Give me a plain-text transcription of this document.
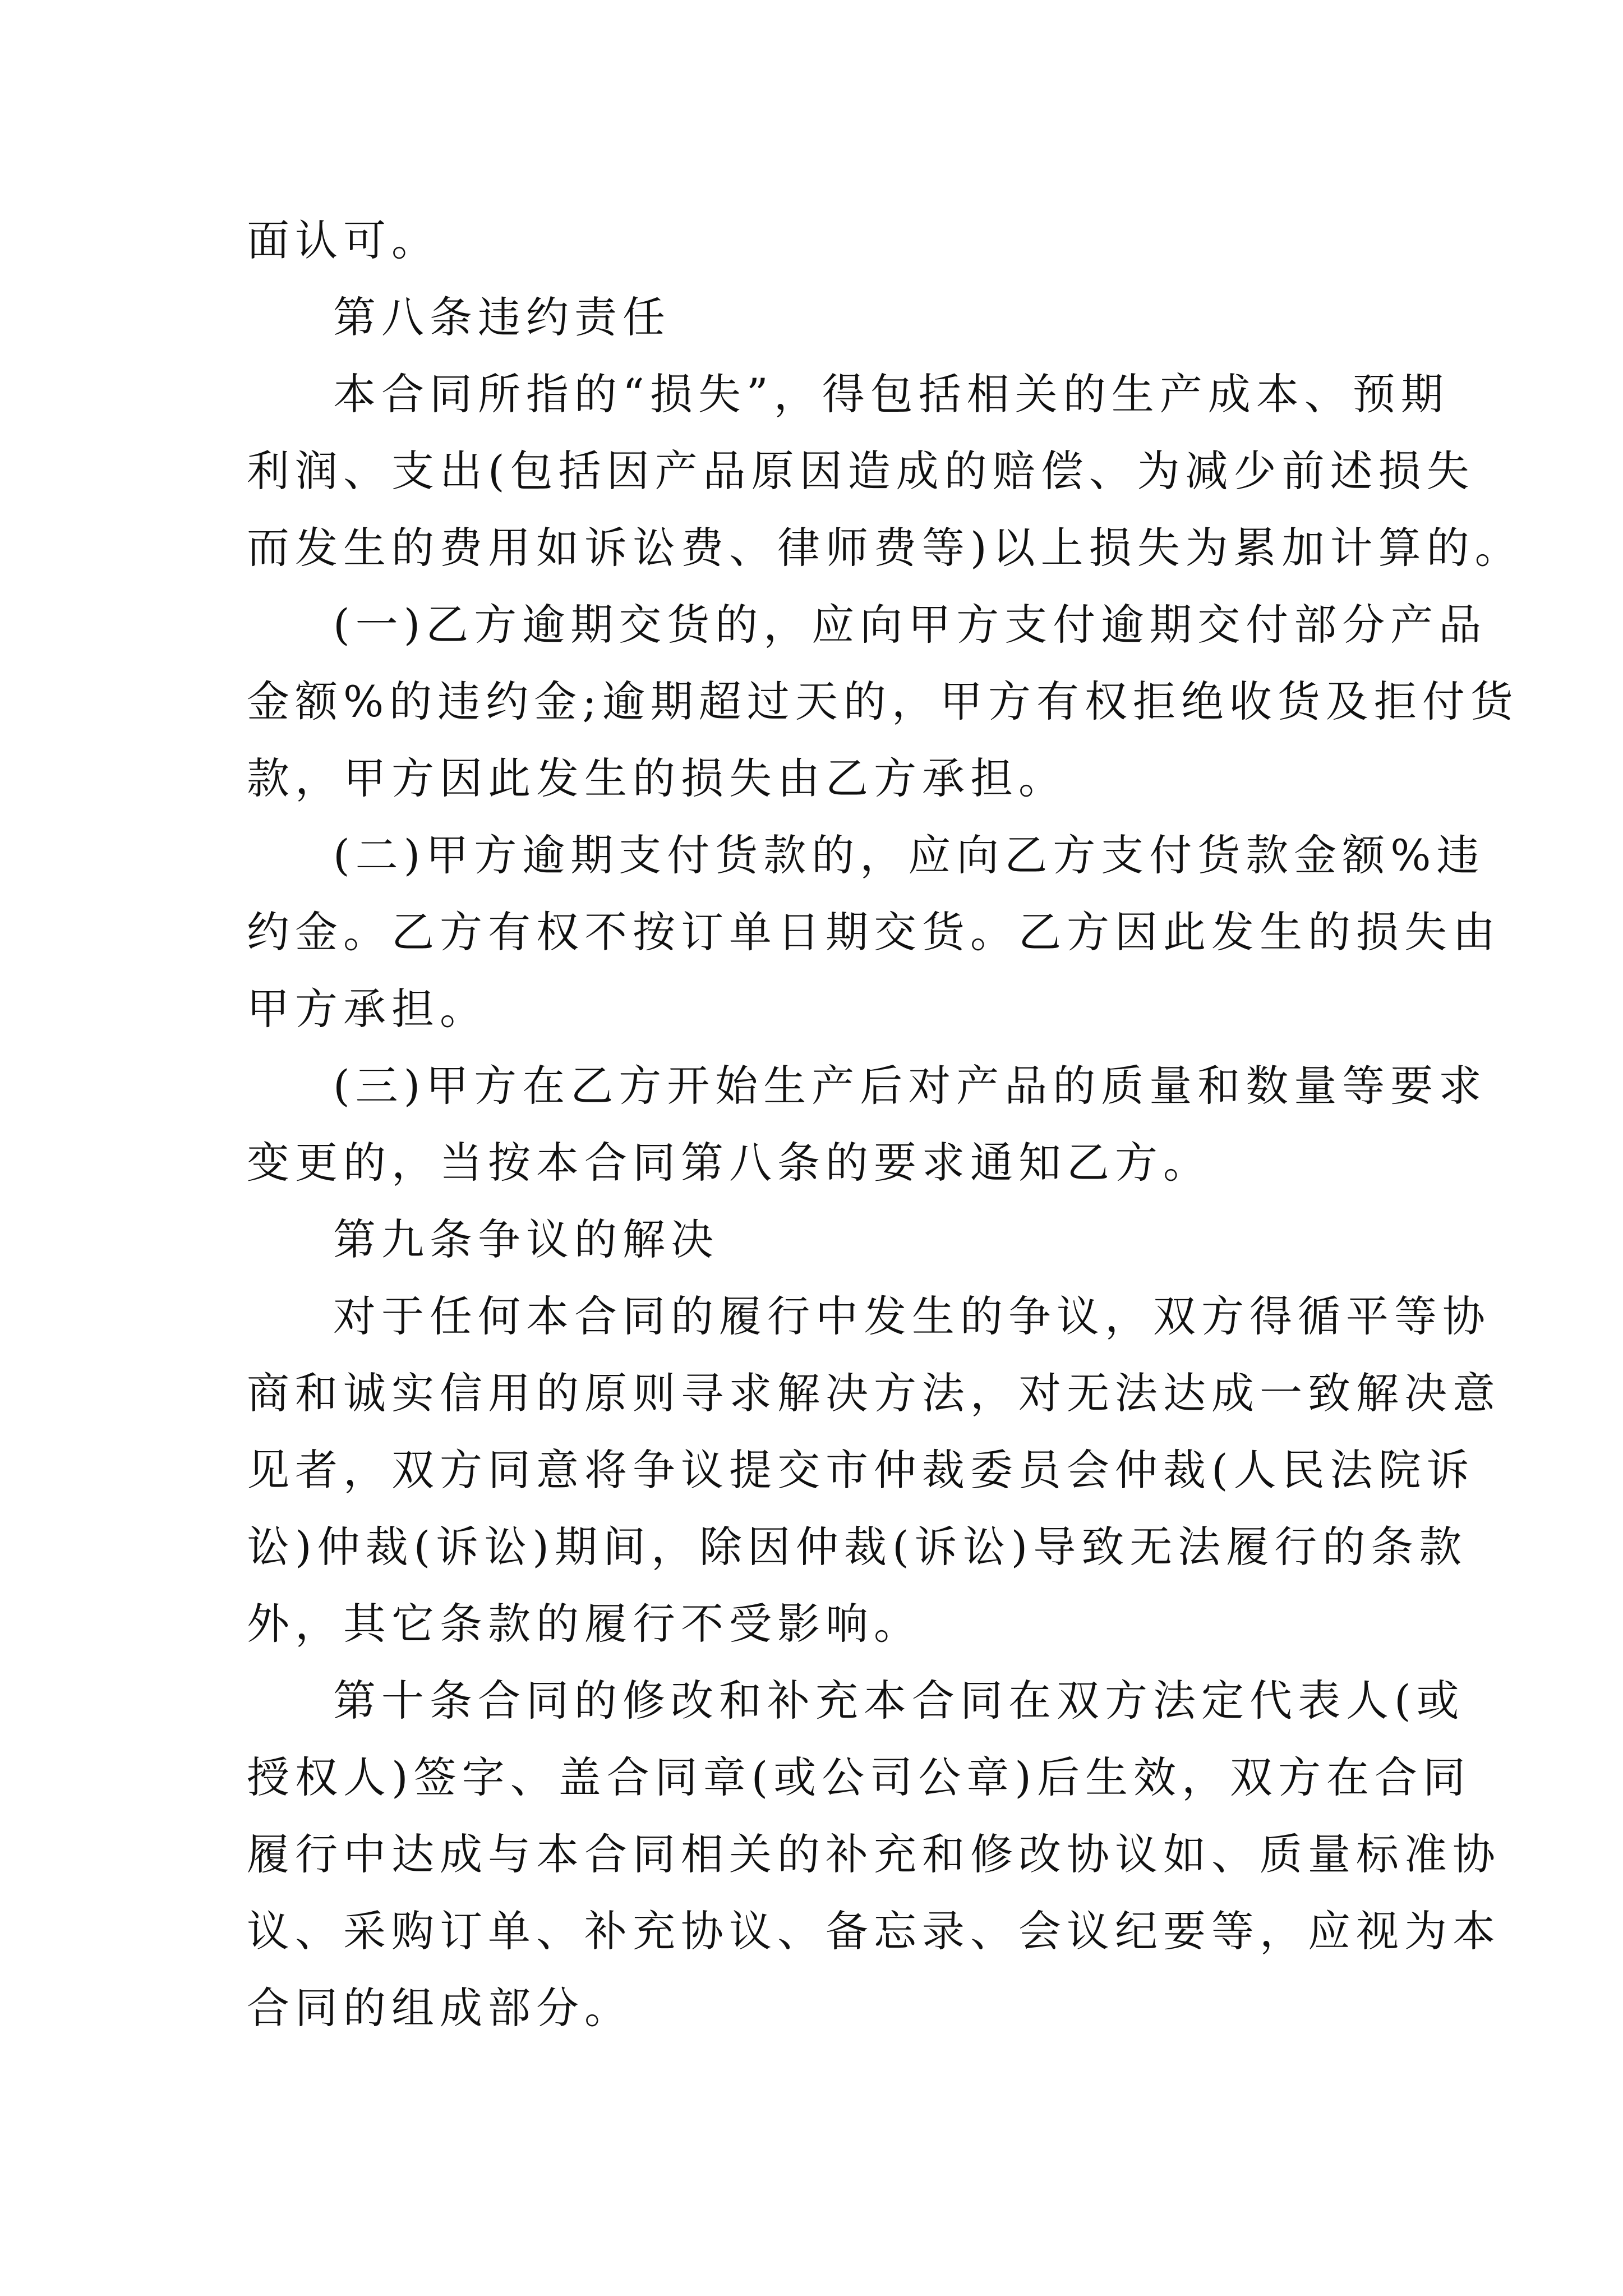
面认可。
第八条违约责任
本合同所指的“损失”，得包括相关的生产成本、预期
利润、支出(包括因产品原因造成的赔偿、为减少前述损失
而发生的费用如诉讼费、律师费等)以上损失为累加计算的。
(一)乙方逾期交货的，应向甲方支付逾期交付部分产品
金额%的违约金;逾期超过天的，甲方有权拒绝收货及拒付货
款，甲方因此发生的损失由乙方承担。
(二)甲方逾期支付货款的，应向乙方支付货款金额%违
约金。乙方有权不按订单日期交货。乙方因此发生的损失由
甲方承担。
(三)甲方在乙方开始生产后对产品的质量和数量等要求
变更的，当按本合同第八条的要求通知乙方。
第九条争议的解决
对于任何本合同的履行中发生的争议，双方得循平等协
商和诚实信用的原则寻求解决方法，对无法达成一致解决意
见者，双方同意将争议提交市仲裁委员会仲裁(人民法院诉
讼)仲裁(诉讼)期间，除因仲裁(诉讼)导致无法履行的条款
外，其它条款的履行不受影响。
第十条合同的修改和补充本合同在双方法定代表人(或
授权人)签字、盖合同章(或公司公章)后生效，双方在合同
履行中达成与本合同相关的补充和修改协议如、质量标准协
议、采购订单、补充协议、备忘录、会议纪要等，应视为本
合同的组成部分。
